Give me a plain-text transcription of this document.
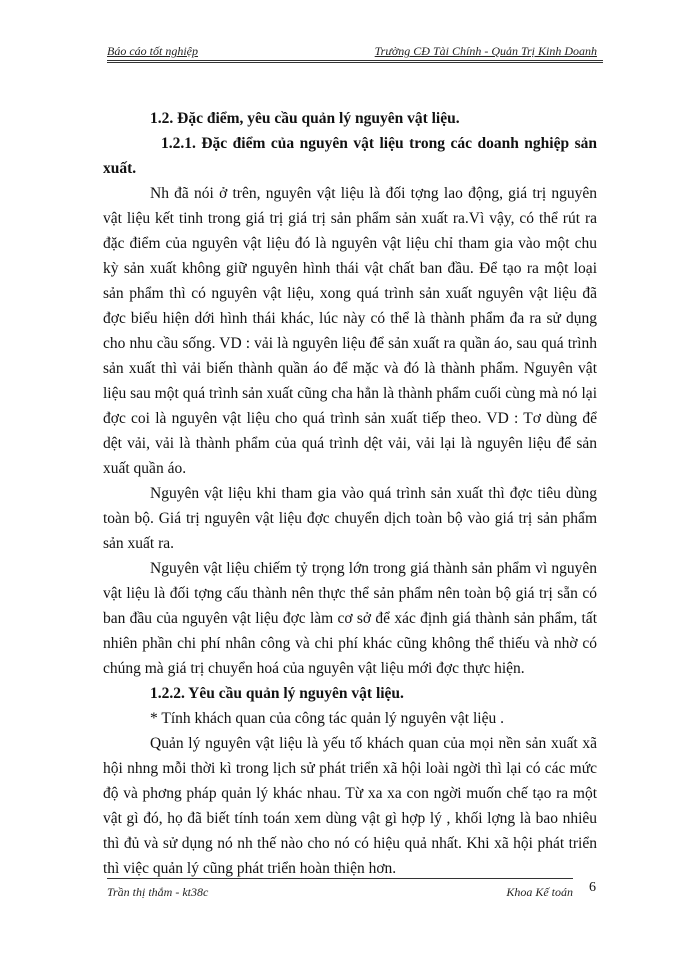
Báo cáo tốt nghiệp	Trường CĐ Tài Chính - Quản Trị Kinh Doanh

1.2. Đặc điểm, yêu cầu quản lý nguyên vật liệu.
1.2.1. Đặc điểm của nguyên vật liệu trong các doanh nghiệp sản xuất.
Nh đã nói ở trên, nguyên vật liệu là đối tợng lao động, giá trị nguyên vật liệu kết tinh trong giá trị giá trị sản phẩm sản xuất ra.Vì vậy, có thể rút ra đặc điểm của nguyên vật liệu đó là nguyên vật liệu chỉ tham gia vào một chu kỳ sản xuất không giữ nguyên hình thái vật chất ban đầu. Để tạo ra một loại sản phẩm thì có nguyên vật liệu, xong quá trình sản xuất nguyên vật liệu đã đợc biểu hiện dới hình thái khác, lúc này có thể là thành phẩm đa ra sử dụng cho nhu cầu sống. VD : vải là nguyên liệu để sản xuất ra quần áo, sau quá trình sản xuất thì vải biến thành quần áo để mặc và đó là thành phẩm. Nguyên vật liệu sau một quá trình sản xuất cũng cha hẳn là thành phẩm cuối cùng mà nó lại đợc coi là nguyên vật liệu cho quá trình sản xuất tiếp theo. VD : Tơ dùng để dệt vải, vải là thành phẩm của quá trình dệt vải, vải lại là nguyên liệu để sản xuất quần áo.
Nguyên vật liệu khi tham gia vào quá trình sản xuất thì đợc tiêu dùng toàn bộ. Giá trị nguyên vật liệu đợc chuyển dịch toàn bộ vào giá trị sản phẩm sản xuất ra.
Nguyên vật liệu chiếm tỷ trọng lớn trong giá thành sản phẩm vì nguyên vật liệu là đối tợng cấu thành nên thực thể sản phẩm nên toàn bộ giá trị sẵn có ban đầu của nguyên vật liệu đợc làm cơ sở để xác định giá thành sản phẩm, tất nhiên phần chi phí nhân công và chi phí khác cũng không thể thiếu và nhờ có chúng mà giá trị chuyển hoá của nguyên vật liệu mới đợc thực hiện.
1.2.2. Yêu cầu quản lý nguyên vật liệu.
* Tính khách quan của công tác quản lý nguyên vật liệu .
Quản lý nguyên vật liệu là yếu tố khách quan của mọi nền sản xuất xã hội nhng mỗi thời kì trong lịch sử phát triển xã hội loài ngời thì lại có các mức độ và phơng pháp quản lý khác nhau. Từ xa xa con ngời muốn chế tạo ra một vật gì đó, họ đã biết tính toán xem dùng vật gì hợp lý , khối lợng là bao nhiêu thì đủ và sử dụng nó nh thế nào cho nó có hiệu quả nhất. Khi xã hội phát triển thì việc quản lý cũng phát triển hoàn thiện hơn.
Trần thị thắm - kt38c	Khoa Kế toán 6
